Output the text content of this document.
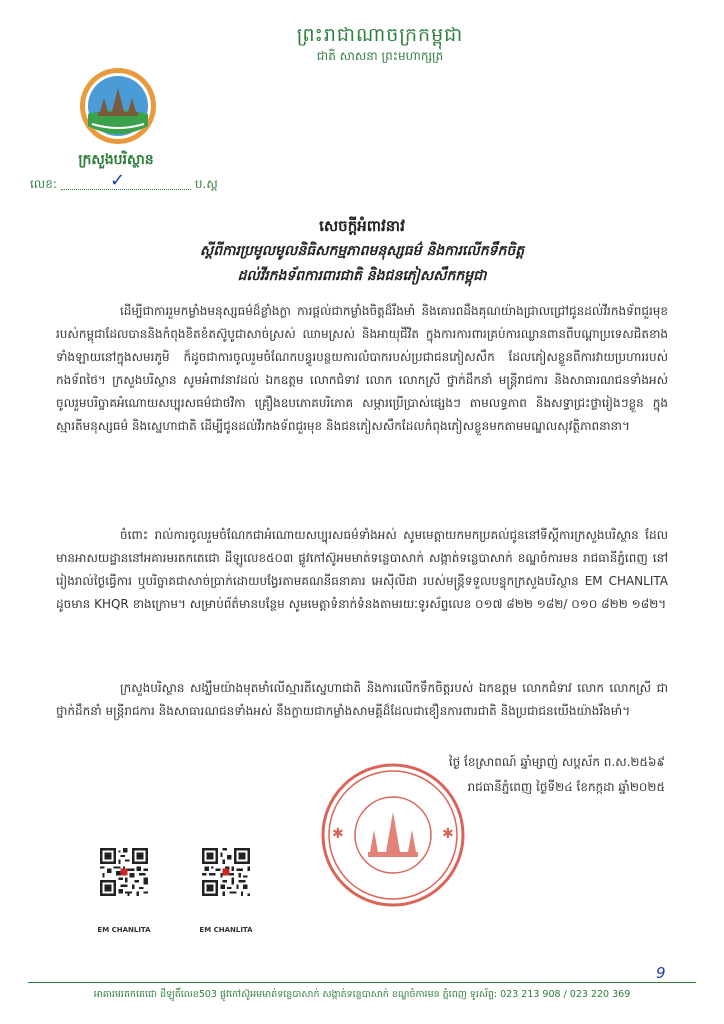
ព្រះរាជាណាចក្រកម្ពុជា
ជាតិ សាសនា ព្រះមហាក្សត្រ
ក្រសួងបរិស្ថាន
លេខ:	ប.ស្ត
✓
សេចក្តីអំពាវនាវ
ស្តីពីការប្រមូលមូលនិធិសកម្មភាពមនុស្សធម៌ និងការលើកទឹកចិត្ត
ដល់វីរកងទ័ពការពារជាតិ និងជនភៀសសឹកកម្ពុជា
ដើម្បីជាការរួមកម្លាំងមនុស្សធម៌ដ៏ខ្លាំងក្លា ការផ្តល់ជាកម្លាំងចិត្តដ៏រឹងមាំ និងគោរពដឹងគុណយ៉ាងជ្រាលជ្រៅជូនដល់វីរកងទ័ពជួរមុខរបស់កម្ពុជាដែលបាននិងកំពុងខិតខំតស៊ូបូជាសាច់ស្រស់ ឈាមស្រស់ និងអាយុជីវិត ក្នុងការការពារគ្រប់ការឈ្លានពានពីបណ្តាប្រទេសជិតខាងទាំងឡាយនៅក្នុងសមរភូមិ ក៏ដូចជាការចូលរួមចំណែកបន្ធូរបន្ថយការលំបាករបស់ប្រជាជនភៀសសឹក ដែលភៀសខ្លួនពីការវាយប្រហាររបស់កងទ័ពថៃ។ ក្រសួងបរិស្ថាន សូមអំពាវនាវដល់ ឯកឧត្តម លោកជំទាវ លោក លោកស្រី ថ្នាក់ដឹកនាំ មន្ត្រីរាជការ និងសាធារណជនទាំងអស់ ចូលរួមបរិច្ចាគអំណោយសប្បុរសធម៌ជាថវិកា គ្រឿងឧបភោគបរិភោគ សម្ភារប្រើប្រាស់ផ្សេងៗ តាមលទ្ធភាព និងសទ្ធាជ្រះថ្លារៀងៗខ្លួន ក្នុងស្មារតីមនុស្សធម៌ និងស្នេហាជាតិ ដើម្បីជូនដល់វីរកងទ័ពជួរមុខ និងជនភៀសសឹកដែលកំពុងភៀសខ្លួនមកតាមមណ្ឌលសុវត្ថិភាពនានា។
ចំពោះ រាល់ការចូលរួមចំណែកជាអំណោយសប្បុរសធម៌ទាំងអស់ សូមមេត្តាយកមកប្រគល់ជូននៅទីស្តីការក្រសួងបរិស្ថាន ដែលមានអាសយដ្ឋាននៅអគារមរតកតេជោ ដីឡូលេខ៥០៣ ផ្លូវកៅស៊ូអមមាត់ទន្លេបាសាក់ សង្កាត់ទន្លេបាសាក់ ខណ្ឌចំការមន រាជធានីភ្នំពេញ នៅរៀងរាល់ថ្ងៃធ្វើការ ឬបរិច្ចាគជាសាច់ប្រាក់ដោយបង្វែរតាមគណនីធនាគារ អេស៊ីលីដា របស់មន្ត្រីទទួលបន្ទុកក្រសួងបរិស្ថាន EM CHANLITA ដូចមាន KHQR ខាងក្រោម។ សម្រាប់ព័ត៌មានបន្ថែម សូមមេត្តាទំនាក់ទំនងតាមរយៈទូរស័ព្ទលេខ ០១៧ ៨២២ ១៨២/ ០១០ ៨២២ ១៨២។
ក្រសួងបរិស្ថាន សង្ឃឹមយ៉ាងមុតមាំលើស្មារតីស្នេហាជាតិ និងការលើកទឹកចិត្តរបស់ ឯកឧត្តម លោកជំទាវ លោក លោកស្រី ជាថ្នាក់ដឹកនាំ មន្ត្រីរាជការ និងសាធារណជនទាំងអស់ នឹងក្លាយជាកម្លាំងសាមគ្គីដ៏ដែលជាខឿនការពារជាតិ និងប្រជាជនយើងយ៉ាងរឹងមាំ។
✱	✱
ថ្ងៃ ខែស្រាពណ៍ ឆ្នាំម្សាញ់ សប្តស័ក ព.ស.២៥៦៩
រាជធានីភ្នំពេញ ថ្ងៃទី២៤ ខែកក្កដា ឆ្នាំ២០២៥
EM CHANLITA	EM CHANLITA
9
អាគារមរតកតេជោ ដីឡូតិ៍លេខ503 ផ្លូវកៅស៊ូអមមាត់ទន្លេបាសាក់ សង្កាត់ទន្លេបាសាក់ ខណ្ឌចំការមន ភ្នំពេញ ទូរស័ព្ទ: 023 213 908 / 023 220 369
